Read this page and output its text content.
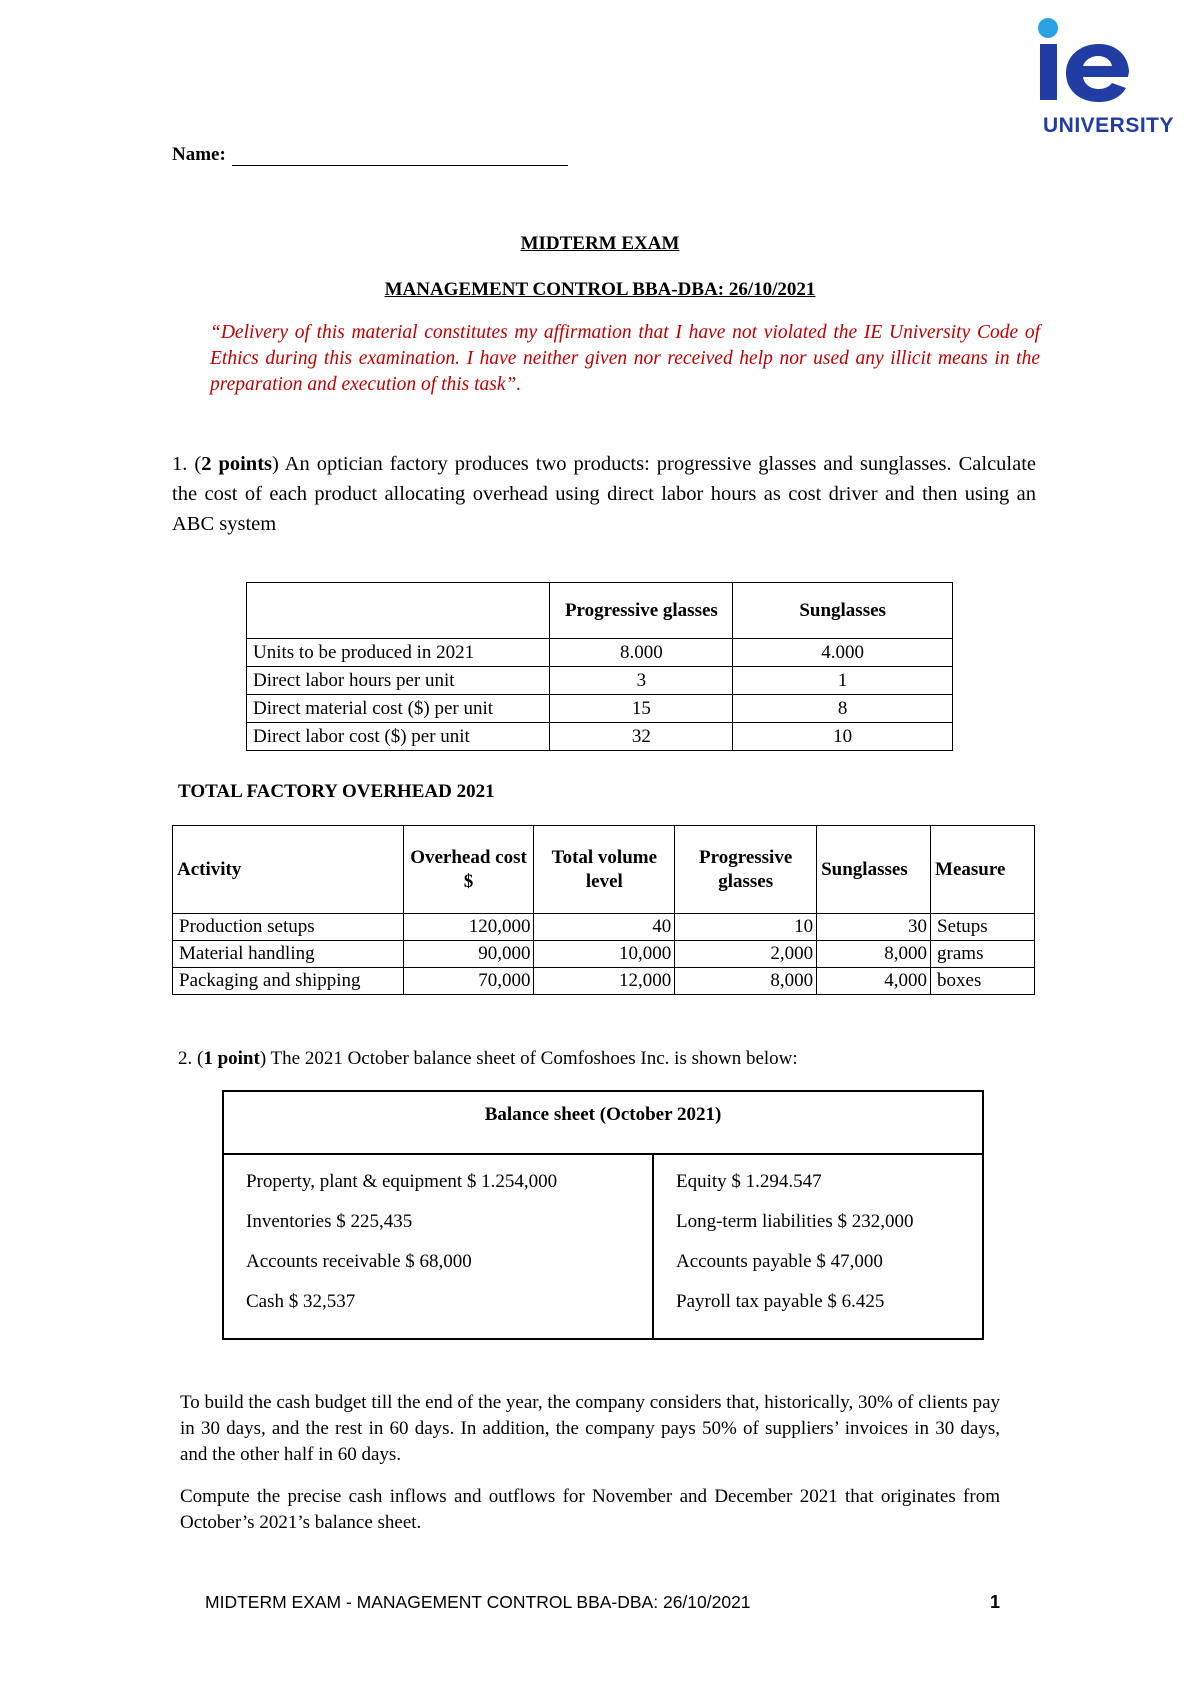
UNIVERSITY
Name:
MIDTERM EXAM
MANAGEMENT CONTROL BBA-DBA: 26/10/2021
“Delivery of this material constitutes my affirmation that I have not violated the IE University Code of Ethics during this examination. I have neither given nor received help nor used any illicit means in the preparation and execution of this task”.
1. (2 points) An optician factory produces two products: progressive glasses and sunglasses. Calculate the cost of each product allocating overhead using direct labor hours as cost driver and then using an ABC system
	Progressive glasses	Sunglasses
Units to be produced in 2021	8.000	4.000
Direct labor hours per unit	3	1
Direct material cost ($) per unit	15	8
Direct labor cost ($) per unit	32	10
TOTAL FACTORY OVERHEAD 2021
Activity	Overhead cost $	Total volume level	Progressive glasses	Sunglasses	Measure
Production setups	120,000	40	10	30	Setups
Material handling	90,000	10,000	2,000	8,000	grams
Packaging and shipping	70,000	12,000	8,000	4,000	boxes
2. (1 point) The 2021 October balance sheet of Comfoshoes Inc. is shown below:
Balance sheet (October 2021)
Property, plant & equipment $ 1.254,000
Inventories $ 225,435
Accounts receivable $ 68,000
Cash $ 32,537
Equity $ 1.294.547
Long-term liabilities $ 232,000
Accounts payable $ 47,000
Payroll tax payable $ 6.425
To build the cash budget till the end of the year, the company considers that, historically, 30% of clients pay in 30 days, and the rest in 60 days. In addition, the company pays 50% of suppliers’ invoices in 30 days, and the other half in 60 days.
Compute the precise cash inflows and outflows for November and December 2021 that originates from October’s 2021’s balance sheet.
MIDTERM EXAM - MANAGEMENT CONTROL BBA-DBA: 26/10/2021	1
